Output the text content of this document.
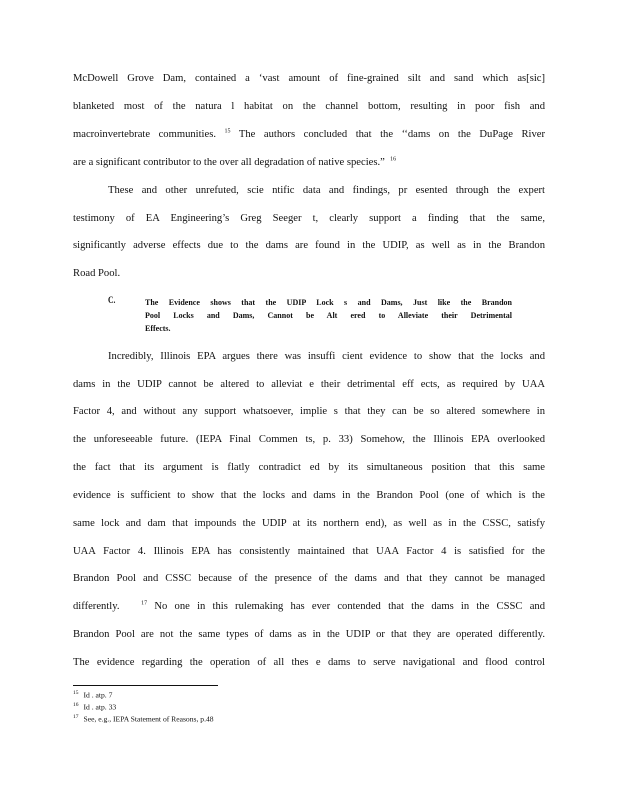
McDowell Grove Dam, contained a ‘vast amount of fine-grained silt and sand which as[sic]
blanketed most of the natura l habitat on the channel bottom, resulting in poor fish and
macroinvertebrate communities. $^{15}$ The authors concluded that the ‘‘dams on the DuPage River
are a significant contributor to the over all degradation of native species.” $^{16}$
These and other unrefuted, scie ntific data and findings, pr esented through the expert
testimony of EA Engineering’s Greg Seeger t, clearly support a finding that the same,
significantly adverse effects due to the dams are found in the UDIP, as well as in the Brandon
Road Pool.
C.	The Evidence shows that the UDIP Lock s and Dams, Just like the Brandon
Pool Locks and Dams, Cannot be Alt ered to Alleviate their Detrimental
Effects.
Incredibly, Illinois EPA argues there was insuffi cient evidence to show that the locks and
dams in the UDIP cannot be altered to alleviat e their detrimental eff ects, as required by UAA
Factor 4, and without any support whatsoever, implie s that they can be so altered somewhere in
the unforeseeable future. (IEPA Final Commen ts, p. 33) Somehow, the Illinois EPA overlooked
the fact that its argument is flatly contradict ed by its simultaneous position that this same
evidence is sufficient to show that the locks and dams in the Brandon Pool (one of which is the
same lock and dam that impounds the UDIP at its northern end), as well as in the CSSC, satisfy
UAA Factor 4. Illinois EPA has consistently maintained that UAA Factor 4 is satisfied for the
Brandon Pool and CSSC because of the presence of the dams and that they cannot be managed
differently.	$^{17}$ No one in this rulemaking has ever contended that the dams in the CSSC and
Brandon Pool are not the same types of dams as in the UDIP or that they are operated differently.
The evidence regarding the operation of all thes e dams to serve navigational and flood control
$^{15}$ Id . atp. 7
$^{16}$ Id . atp. 33
$^{17}$ See, e.g., IEPA Statement of Reasons, p.48
